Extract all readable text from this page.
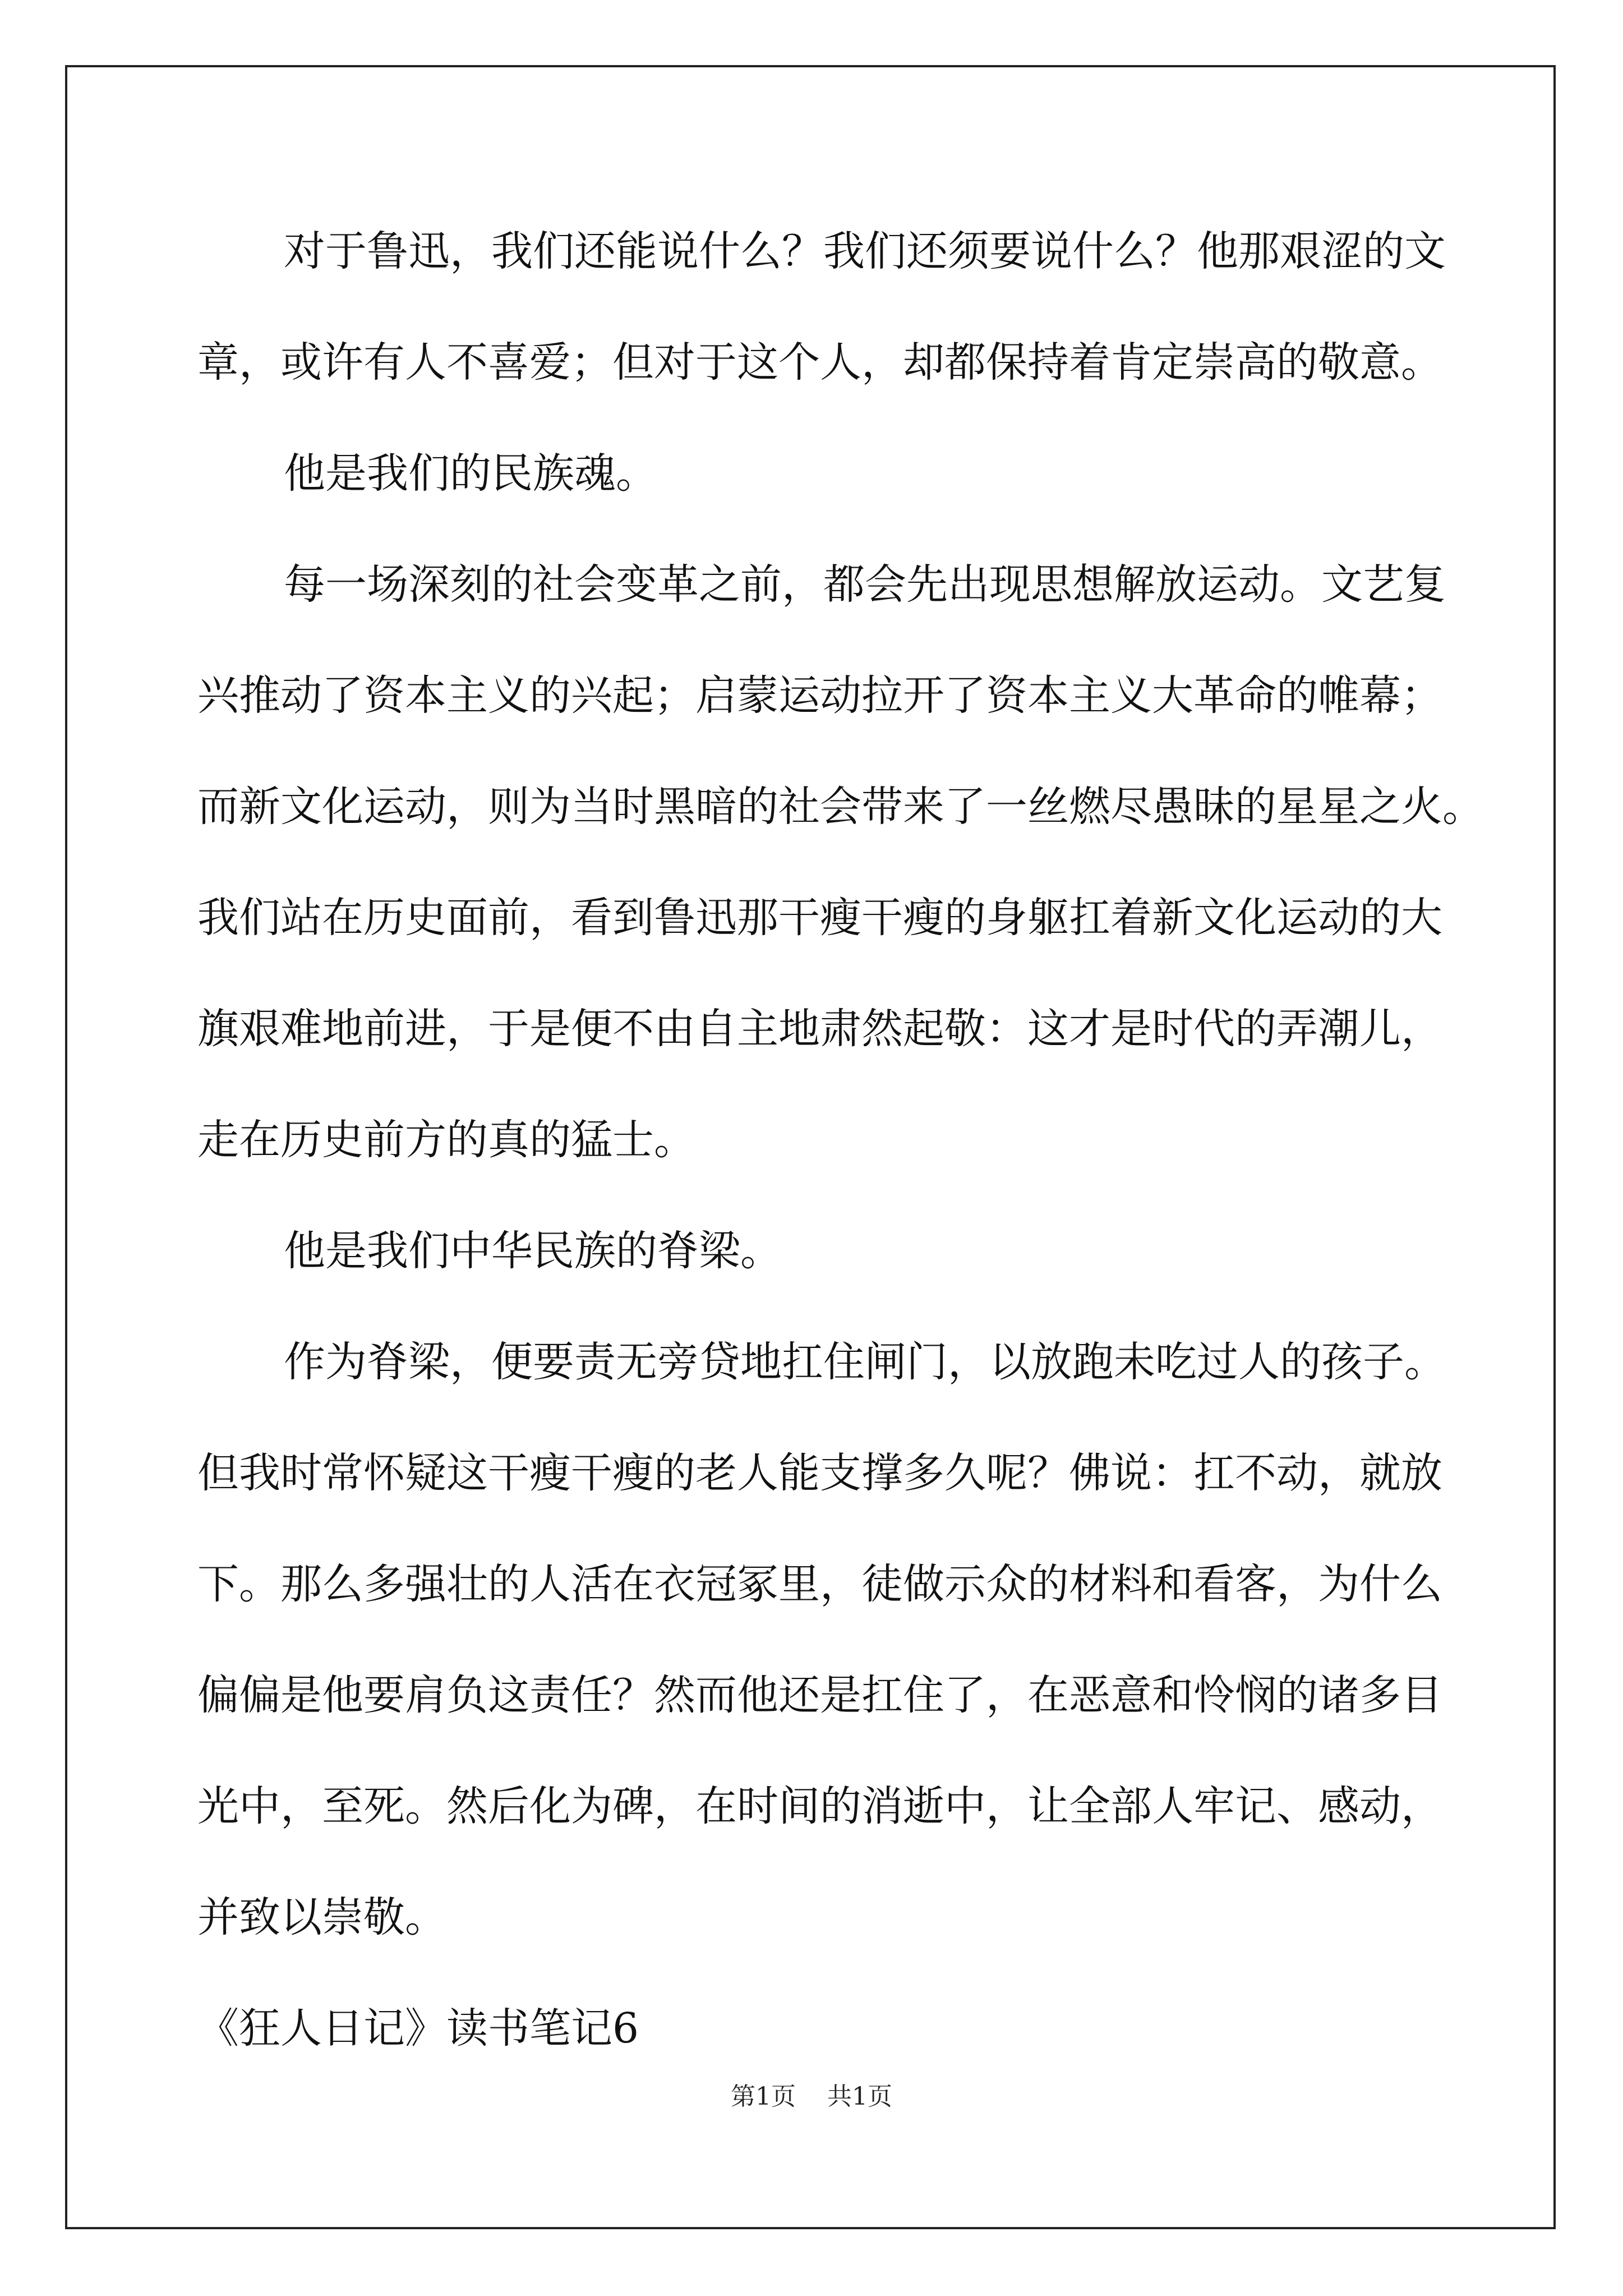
对于鲁迅，我们还能说什么？我们还须要说什么？他那艰涩的文
章，或许有人不喜爱；但对于这个人，却都保持着肯定崇高的敬意。
他是我们的民族魂。
每一场深刻的社会变革之前，都会先出现思想解放运动。文艺复
兴推动了资本主义的兴起；启蒙运动拉开了资本主义大革命的帷幕；
而新文化运动，则为当时黑暗的社会带来了一丝燃尽愚昧的星星之火。
我们站在历史面前，看到鲁迅那干瘦干瘦的身躯扛着新文化运动的大
旗艰难地前进，于是便不由自主地肃然起敬：这才是时代的弄潮儿，
走在历史前方的真的猛士。
他是我们中华民族的脊梁。
作为脊梁，便要责无旁贷地扛住闸门，以放跑未吃过人的孩子。
但我时常怀疑这干瘦干瘦的老人能支撑多久呢？佛说：扛不动，就放
下。那么多强壮的人活在衣冠冢里，徒做示众的材料和看客，为什么
偏偏是他要肩负这责任？然而他还是扛住了，在恶意和怜悯的诸多目
光中，至死。然后化为碑，在时间的消逝中，让全部人牢记、感动，
并致以崇敬。
《狂人日记》读书笔记6
第1页 共1页
